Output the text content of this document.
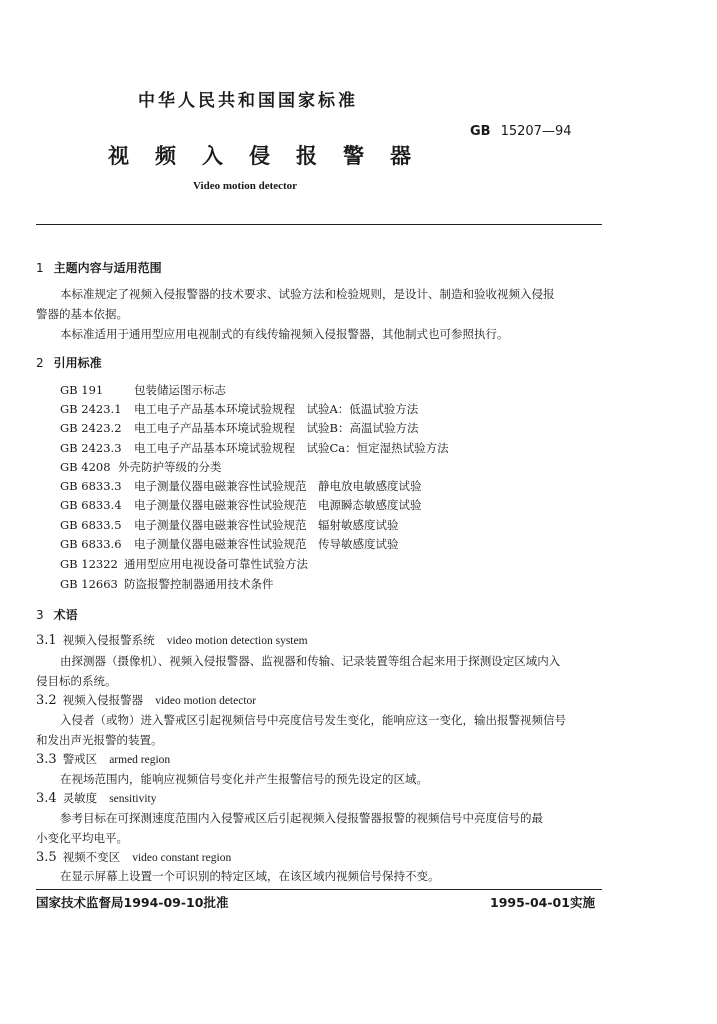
中华人民共和国国家标准
GB 15207—94
视频入侵报警器
Video motion detector
1 主题内容与适用范围
本标准规定了视频入侵报警器的技术要求、试验方法和检验规则，是设计、制造和验收视频入侵报
警器的基本依据。
本标准适用于通用型应用电视制式的有线传输视频入侵报警器，其他制式也可参照执行。
2 引用标准
GB 191	包装储运图示标志
GB 2423.1 电工电子产品基本环境试验规程　试验A：低温试验方法
GB 2423.2 电工电子产品基本环境试验规程　试验B：高温试验方法
GB 2423.3 电工电子产品基本环境试验规程　试验Ca：恒定湿热试验方法
GB 4208 外壳防护等级的分类
GB 6833.3 电子测量仪器电磁兼容性试验规范　静电放电敏感度试验
GB 6833.4 电子测量仪器电磁兼容性试验规范　电源瞬态敏感度试验
GB 6833.5 电子测量仪器电磁兼容性试验规范　辐射敏感度试验
GB 6833.6 电子测量仪器电磁兼容性试验规范　传导敏感度试验
GB 12322 通用型应用电视设备可靠性试验方法
GB 12663 防盗报警控制器通用技术条件
3 术语
3.1 视频入侵报警系统 video motion detection system
由探测器（摄像机）、视频入侵报警器、监视器和传输、记录装置等组合起来用于探测设定区域内入
侵目标的系统。
3.2 视频入侵报警器 video motion detector
入侵者（或物）进入警戒区引起视频信号中亮度信号发生变化，能响应这一变化，输出报警视频信号
和发出声光报警的装置。
3.3 警戒区 armed region
在视场范围内，能响应视频信号变化并产生报警信号的预先设定的区域。
3.4 灵敏度 sensitivity
参考目标在可探测速度范围内入侵警戒区后引起视频入侵报警器报警的视频信号中亮度信号的最
小变化平均电平。
3.5 视频不变区 video constant region
在显示屏幕上设置一个可识别的特定区域，在该区域内视频信号保持不变。
国家技术监督局1994-09-10批准	1995-04-01实施
